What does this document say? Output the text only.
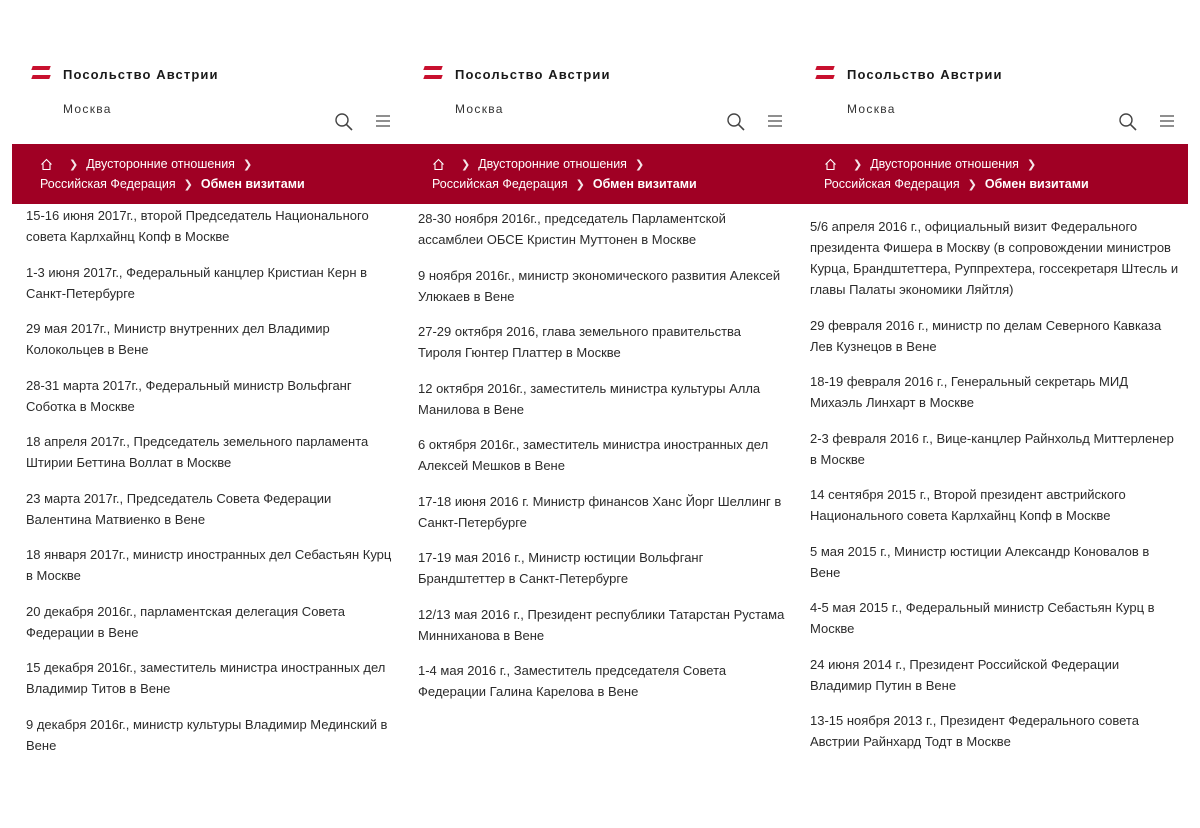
Посольство Австрии
Москва
❯ Двусторонние отношения ❯
Российская Федерация ❯ Обмен визитами

15-16 июня 2017г., второй Председатель Национального совета Карлхайнц Копф в Москве

1-3 июня 2017г., Федеральный канцлер Кристиан Керн в Санкт-Петербурге

29 мая 2017г., Министр внутренних дел Владимир Колокольцев в Вене

28-31 марта 2017г., Федеральный министр Вольфганг Соботка в Москве

18 апреля 2017г., Председатель земельного парламента Штирии Беттина Воллат в Москве

23 марта 2017г., Председатель Совета Федерации Валентина Матвиенко в Вене

18 января 2017г., министр иностранных дел Себастьян Курц в Москве

20 декабря 2016г., парламентская делегация Совета Федерации в Вене

15 декабря 2016г., заместитель министра иностранных дел Владимир Титов в Вене

9 декабря 2016г., министр культуры Владимир Мединский в Вене

Посольство Австрии
Москва
❯ Двусторонние отношения ❯
Российская Федерация ❯ Обмен визитами

28-30 ноября 2016г., председатель Парламентской ассамблеи ОБСЕ Кристин Муттонен в Москве

9 ноября 2016г., министр экономического развития Алексей Улюкаев в Вене

27-29 октября 2016, глава земельного правительства Тироля Гюнтер Платтер в Москве

12 октября 2016г., заместитель министра культуры Алла Манилова в Вене

6 октября 2016г., заместитель министра иностранных дел Алексей Мешков в Вене

17-18 июня 2016 г. Министр финансов Ханс Йорг Шеллинг в Санкт-Петербурге

17-19 мая 2016 г., Министр юстиции Вольфганг Брандштеттер в Санкт-Петербурге

12/13 мая 2016 г., Президент республики Татарстан Рустама Минниханова в Вене

1-4 мая 2016 г., Заместитель председателя Совета Федерации Галина Карелова в Вене

Посольство Австрии
Москва
❯ Двусторонние отношения ❯
Российская Федерация ❯ Обмен визитами

5/6 апреля 2016 г., официальный визит Федерального президента Фишера в Москву (в сопровождении министров Курца, Брандштеттера, Руппрехтера, госсекретаря Штесль и главы Палаты экономики Ляйтля)

29 февраля 2016 г., министр по делам Северного Кавказа Лев Кузнецов в Вене

18-19 февраля 2016 г., Генеральный секретарь МИД Михаэль Линхарт в Москве

2-3 февраля 2016 г., Вице-канцлер Райнхольд Миттерленер в Москве

14 сентября 2015 г., Второй президент австрийского Национального совета Карлхайнц Копф в Москве

5 мая 2015 г., Министр юстиции Александр Коновалов в Вене

4-5 мая 2015 г., Федеральный министр Себастьян Курц в Москве

24 июня 2014 г., Президент Российской Федерации Владимир Путин в Вене

13-15 ноября 2013 г., Президент Федерального совета Австрии Райнхард Тодт в Москве
